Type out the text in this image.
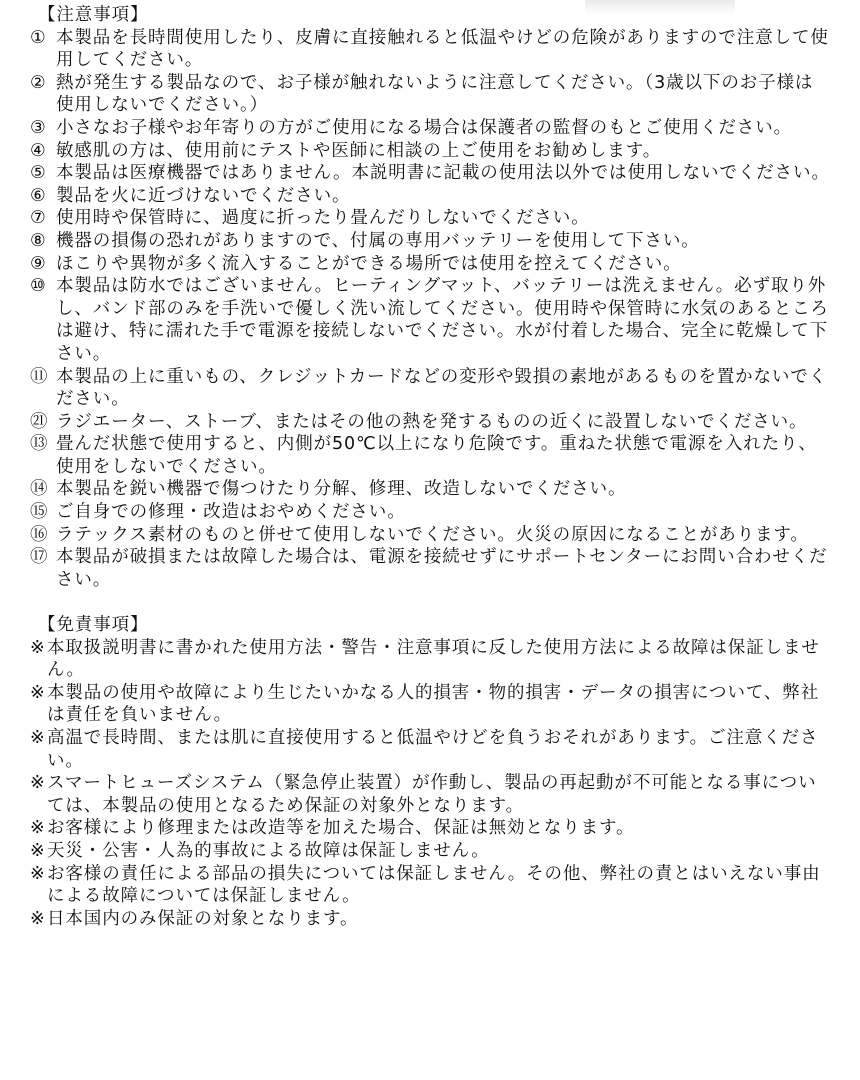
【注意事項】
① 本製品を長時間使用したり、皮膚に直接触れると低温やけどの危険がありますので注意して使用してください。
② 熱が発生する製品なので、お子様が触れないように注意してください。（3歳以下のお子様は使用しないでください。）
③ 小さなお子様やお年寄りの方がご使用になる場合は保護者の監督のもとご使用ください。
④ 敏感肌の方は、使用前にテストや医師に相談の上ご使用をお勧めします。
⑤ 本製品は医療機器ではありません。本説明書に記載の使用法以外では使用しないでください。
⑥ 製品を火に近づけないでください。
⑦ 使用時や保管時に、過度に折ったり畳んだりしないでください。
⑧ 機器の損傷の恐れがありますので、付属の専用バッテリーを使用して下さい。
⑨ ほこりや異物が多く流入することができる場所では使用を控えてください。
⑩ 本製品は防水ではございません。ヒーティングマット、バッテリーは洗えません。必ず取り外し、バンド部のみを手洗いで優しく洗い流してください。使用時や保管時に水気のあるところは避け、特に濡れた手で電源を接続しないでください。水が付着した場合、完全に乾燥して下さい。
⑪ 本製品の上に重いもの、クレジットカードなどの変形や毀損の素地があるものを置かないでください。
㉑ ラジエーター、ストーブ、またはその他の熱を発するものの近くに設置しないでください。
⑬ 畳んだ状態で使用すると、内側が50℃以上になり危険です。重ねた状態で電源を入れたり、使用をしないでください。
⑭ 本製品を鋭い機器で傷つけたり分解、修理、改造しないでください。
⑮ ご自身での修理・改造はおやめください。
⑯ ラテックス素材のものと併せて使用しないでください。火災の原因になることがあります。
⑰ 本製品が破損または故障した場合は、電源を接続せずにサポートセンターにお問い合わせください。
【免責事項】
※ 本取扱説明書に書かれた使用方法・警告・注意事項に反した使用方法による故障は保証しません。
※ 本製品の使用や故障により生じたいかなる人的損害・物的損害・データの損害について、弊社は責任を負いません。
※ 高温で長時間、または肌に直接使用すると低温やけどを負うおそれがあります。ご注意ください。
※ スマートヒューズシステム（緊急停止装置）が作動し、製品の再起動が不可能となる事については、本製品の使用となるため保証の対象外となります。
※ お客様により修理または改造等を加えた場合、保証は無効となります。
※ 天災・公害・人為的事故による故障は保証しません。
※ お客様の責任による部品の損失については保証しません。その他、弊社の責とはいえない事由による故障については保証しません。
※ 日本国内のみ保証の対象となります。
